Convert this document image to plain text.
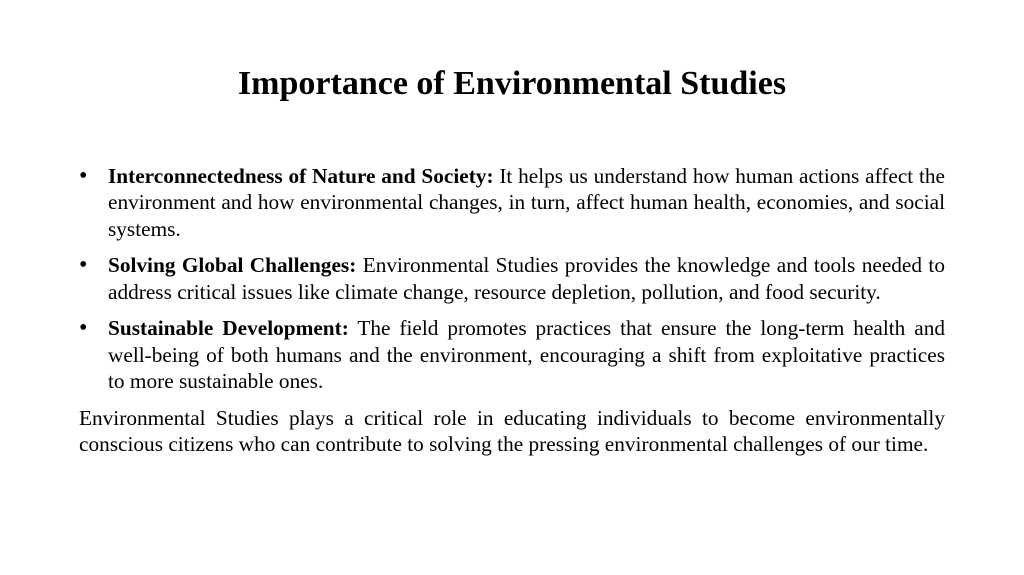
Importance of Environmental Studies
• Interconnectedness of Nature and Society: It helps us understand how human actions affect the environment and how environmental changes, in turn, affect human health, economies, and social systems.
• Solving Global Challenges: Environmental Studies provides the knowledge and tools needed to address critical issues like climate change, resource depletion, pollution, and food security.
• Sustainable Development: The field promotes practices that ensure the long-term health and well-being of both humans and the environment, encouraging a shift from exploitative practices to more sustainable ones.

Environmental Studies plays a critical role in educating individuals to become environmentally conscious citizens who can contribute to solving the pressing environmental challenges of our time.
